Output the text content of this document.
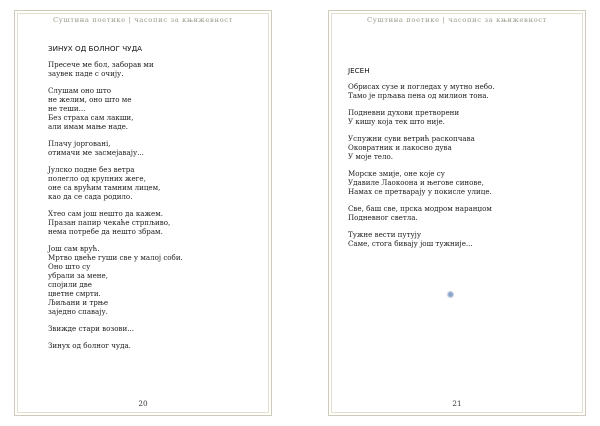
Суштина поетике | часопис за књижевност
ЗИНУХ ОД БОЛНОГ ЧУДА
Пресече ме бол, заборав ми
заувек паде с очију.
Слушам оно што
не желим, оно што ме
не теши...
Без страха сам лакши,
али имам мање наде.
Плачу јоргованi,
отимачи ме засмејавају...
Јулско подне без ветра
полегло од крупних жеге,
оне са врућим тамним лицем,
као да се сада родило.
Хтео сам још нешто да кажем.
Празан папир чекаће стрпљиво,
нема потребе да нешто збрам.
Још сам врућ.
Мртво цвеће гуши све у малој соби.
Оно што су
убрали за мене,
спојили две
цветне смрти.
Љиљани и трње
заједно спавају.
Звижде стари возови...
Зинух од болног чуда.
20
Суштина поетике | часопис за књижевност
ЈЕСЕН
Обрисах сузе и погледах у мутно небо.
Тамо је прљава пена од милион тона.
Подневни духови претворени
У кишу која тек што није.
Успужни суви ветрић раскопчава
Оковратник и лакосно дува
У моје тело.
Морске змије, оне које су
Удавиле Лаокоона и његове синове,
Намах се претварају у покисле улице.
Све, баш све, прска модром наранџом
Подневног светла.
Тужне вести путују
Саме, стога бивају још тужније...
21
